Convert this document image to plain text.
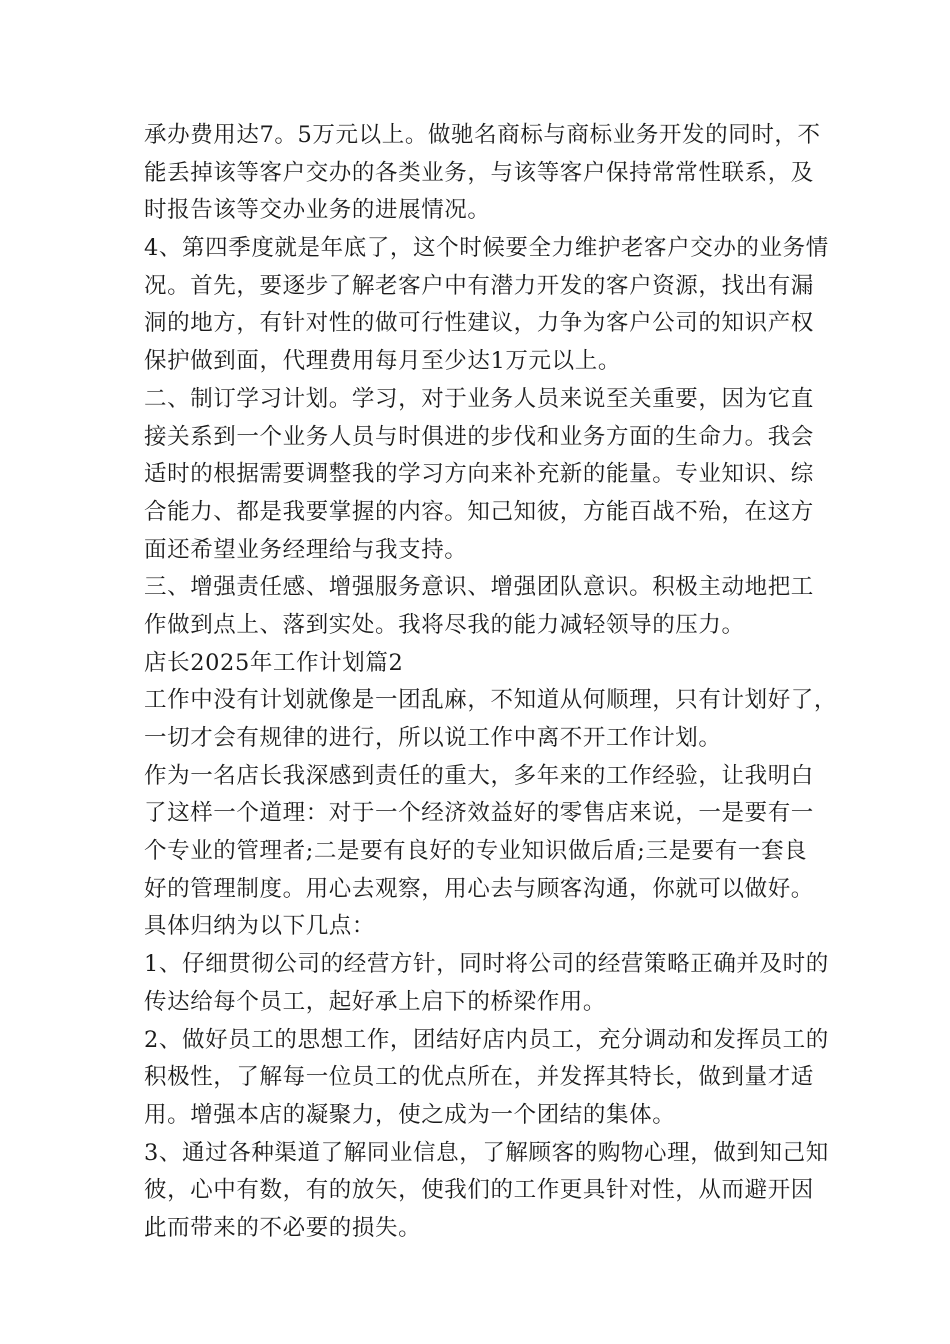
承办费用达7。5万元以上。做驰名商标与商标业务开发的同时，不
能丢掉该等客户交办的各类业务，与该等客户保持常常性联系，及
时报告该等交办业务的进展情况。
4、第四季度就是年底了，这个时候要全力维护老客户交办的业务情
况。首先，要逐步了解老客户中有潜力开发的客户资源，找出有漏
洞的地方，有针对性的做可行性建议，力争为客户公司的知识产权
保护做到面，代理费用每月至少达1万元以上。
二、制订学习计划。学习，对于业务人员来说至关重要，因为它直
接关系到一个业务人员与时俱进的步伐和业务方面的生命力。我会
适时的根据需要调整我的学习方向来补充新的能量。专业知识、综
合能力、都是我要掌握的内容。知己知彼，方能百战不殆，在这方
面还希望业务经理给与我支持。
三、增强责任感、增强服务意识、增强团队意识。积极主动地把工
作做到点上、落到实处。我将尽我的能力减轻领导的压力。
店长2025年工作计划篇2
工作中没有计划就像是一团乱麻，不知道从何顺理，只有计划好了，
一切才会有规律的进行，所以说工作中离不开工作计划。
作为一名店长我深感到责任的重大，多年来的工作经验，让我明白
了这样一个道理：对于一个经济效益好的零售店来说，一是要有一
个专业的管理者;二是要有良好的专业知识做后盾;三是要有一套良
好的管理制度。用心去观察，用心去与顾客沟通，你就可以做好。
具体归纳为以下几点：
1、仔细贯彻公司的经营方针，同时将公司的经营策略正确并及时的
传达给每个员工，起好承上启下的桥梁作用。
2、做好员工的思想工作，团结好店内员工，充分调动和发挥员工的
积极性，了解每一位员工的优点所在，并发挥其特长，做到量才适
用。增强本店的凝聚力，使之成为一个团结的集体。
3、通过各种渠道了解同业信息，了解顾客的购物心理，做到知己知
彼，心中有数，有的放矢，使我们的工作更具针对性，从而避开因
此而带来的不必要的损失。
